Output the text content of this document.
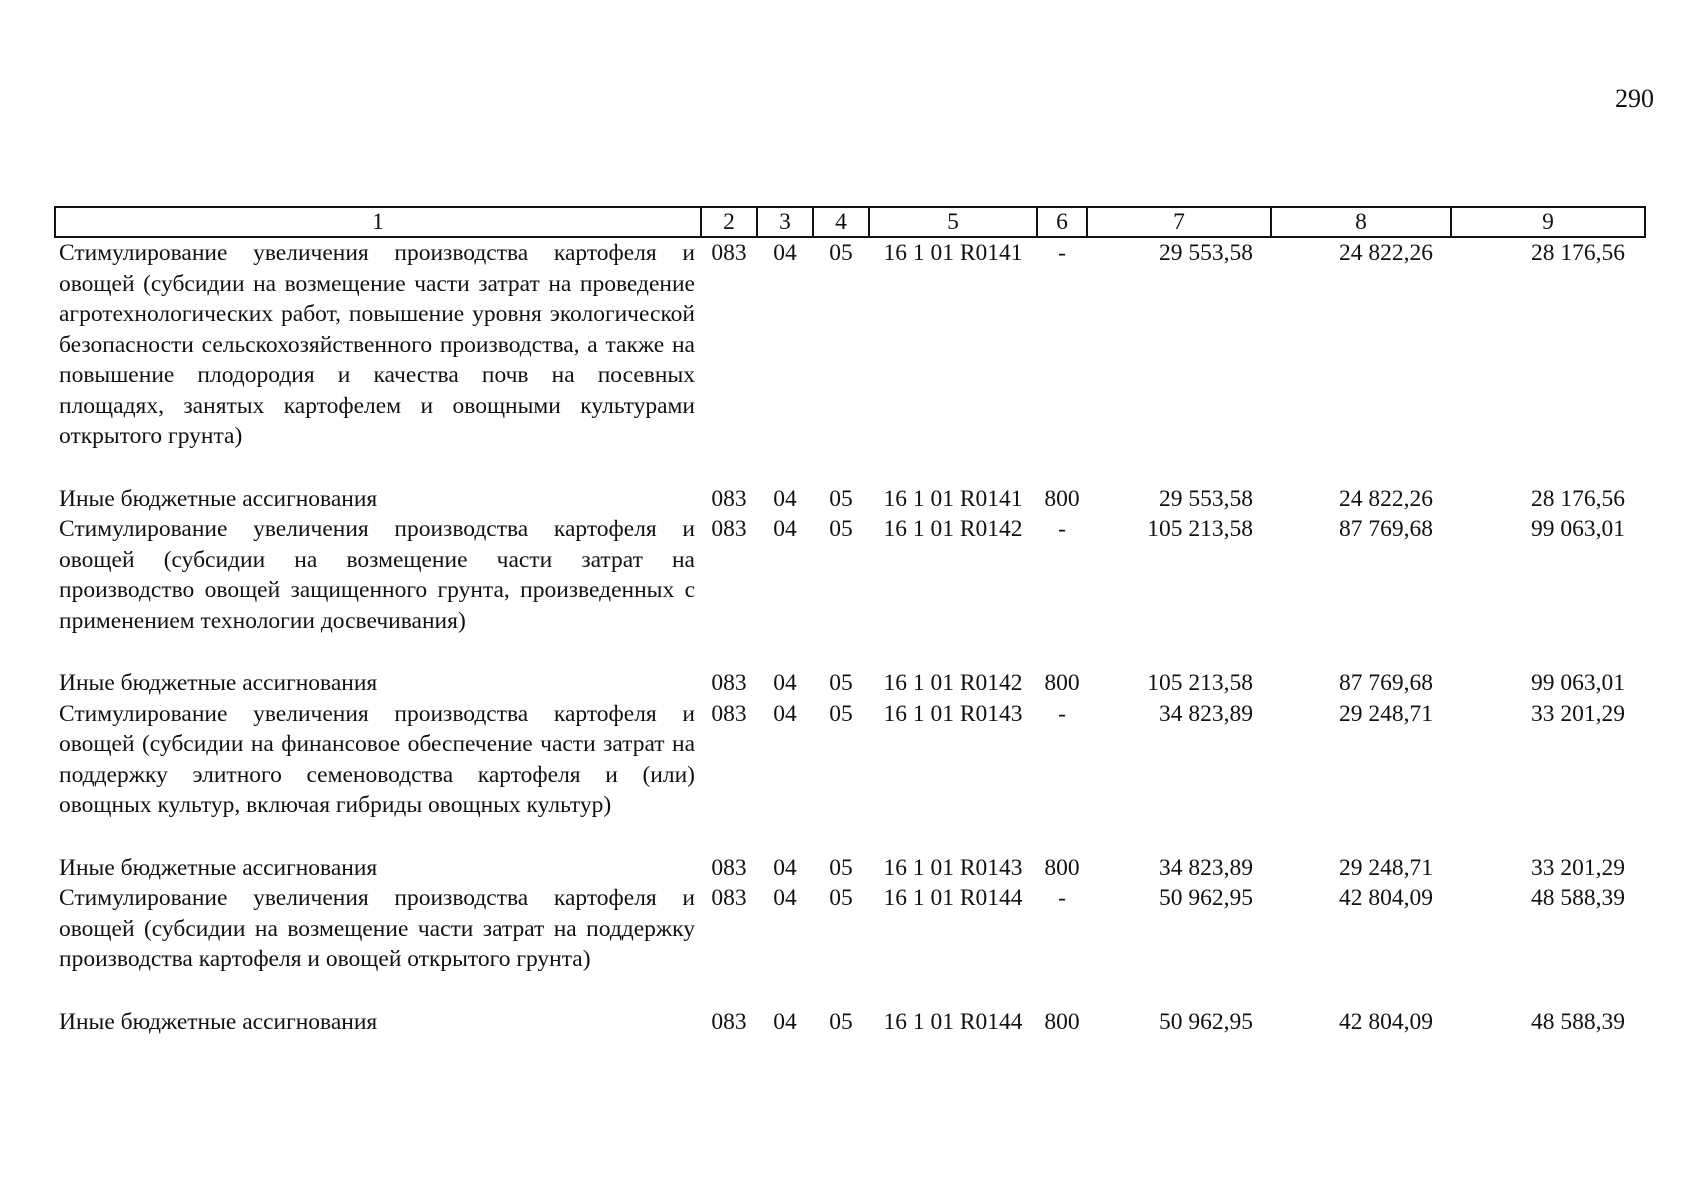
290
1	2	3	4	5	6	7	8	9
Стимулирование увеличения производства картофеля и овощей (субсидии на возмещение части затрат на проведение агротехнологических работ, повышение уровня экологической безопасности сельскохозяйственного производства, а также на повышение плодородия и качества почв на посевных площадях, занятых картофелем и овощными культурами открытого грунта)	083	04	05	16 1 01 R0141	-	29 553,58	24 822,26	28 176,56
Иные бюджетные ассигнования	083	04	05	16 1 01 R0141	800	29 553,58	24 822,26	28 176,56
Стимулирование увеличения производства картофеля и овощей (субсидии на возмещение части затрат на производство овощей защищенного грунта, произведенных с применением технологии досвечивания)	083	04	05	16 1 01 R0142	-	105 213,58	87 769,68	99 063,01
Иные бюджетные ассигнования	083	04	05	16 1 01 R0142	800	105 213,58	87 769,68	99 063,01
Стимулирование увеличения производства картофеля и овощей (субсидии на финансовое обеспечение части затрат на поддержку элитного семеноводства картофеля и (или) овощных культур, включая гибриды овощных культур)	083	04	05	16 1 01 R0143	-	34 823,89	29 248,71	33 201,29
Иные бюджетные ассигнования	083	04	05	16 1 01 R0143	800	34 823,89	29 248,71	33 201,29
Стимулирование увеличения производства картофеля и овощей (субсидии на возмещение части затрат на поддержку производства картофеля и овощей открытого грунта)	083	04	05	16 1 01 R0144	-	50 962,95	42 804,09	48 588,39
Иные бюджетные ассигнования	083	04	05	16 1 01 R0144	800	50 962,95	42 804,09	48 588,39
